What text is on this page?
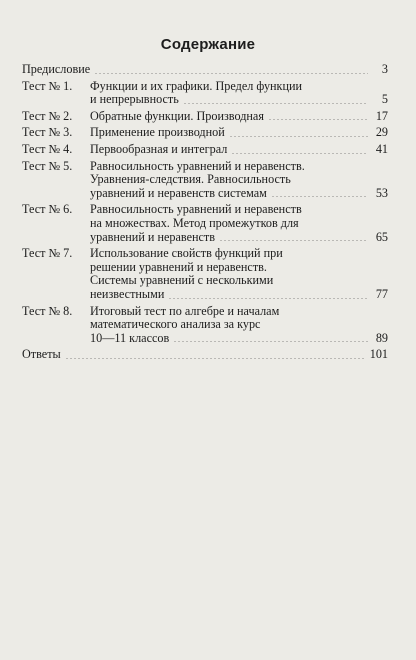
Содержание
Предисловие	3
Тест № 1.	Функции и их графики. Предел функции
и непрерывность	5
Тест № 2.	Обратные функции. Производная	17
Тест № 3.	Применение производной	29
Тест № 4.	Первообразная и интеграл	41
Тест № 5.	Равносильность уравнений и неравенств.
Уравнения-следствия. Равносильность
уравнений и неравенств системам	53
Тест № 6.	Равносильность уравнений и неравенств
на множествах. Метод промежутков для
уравнений и неравенств	65
Тест № 7.	Использование свойств функций при
решении уравнений и неравенств.
Системы уравнений с несколькими
неизвестными	77
Тест № 8.	Итоговый тест по алгебре и началам
математического анализа за курс
10—11 классов	89
Ответы	101
